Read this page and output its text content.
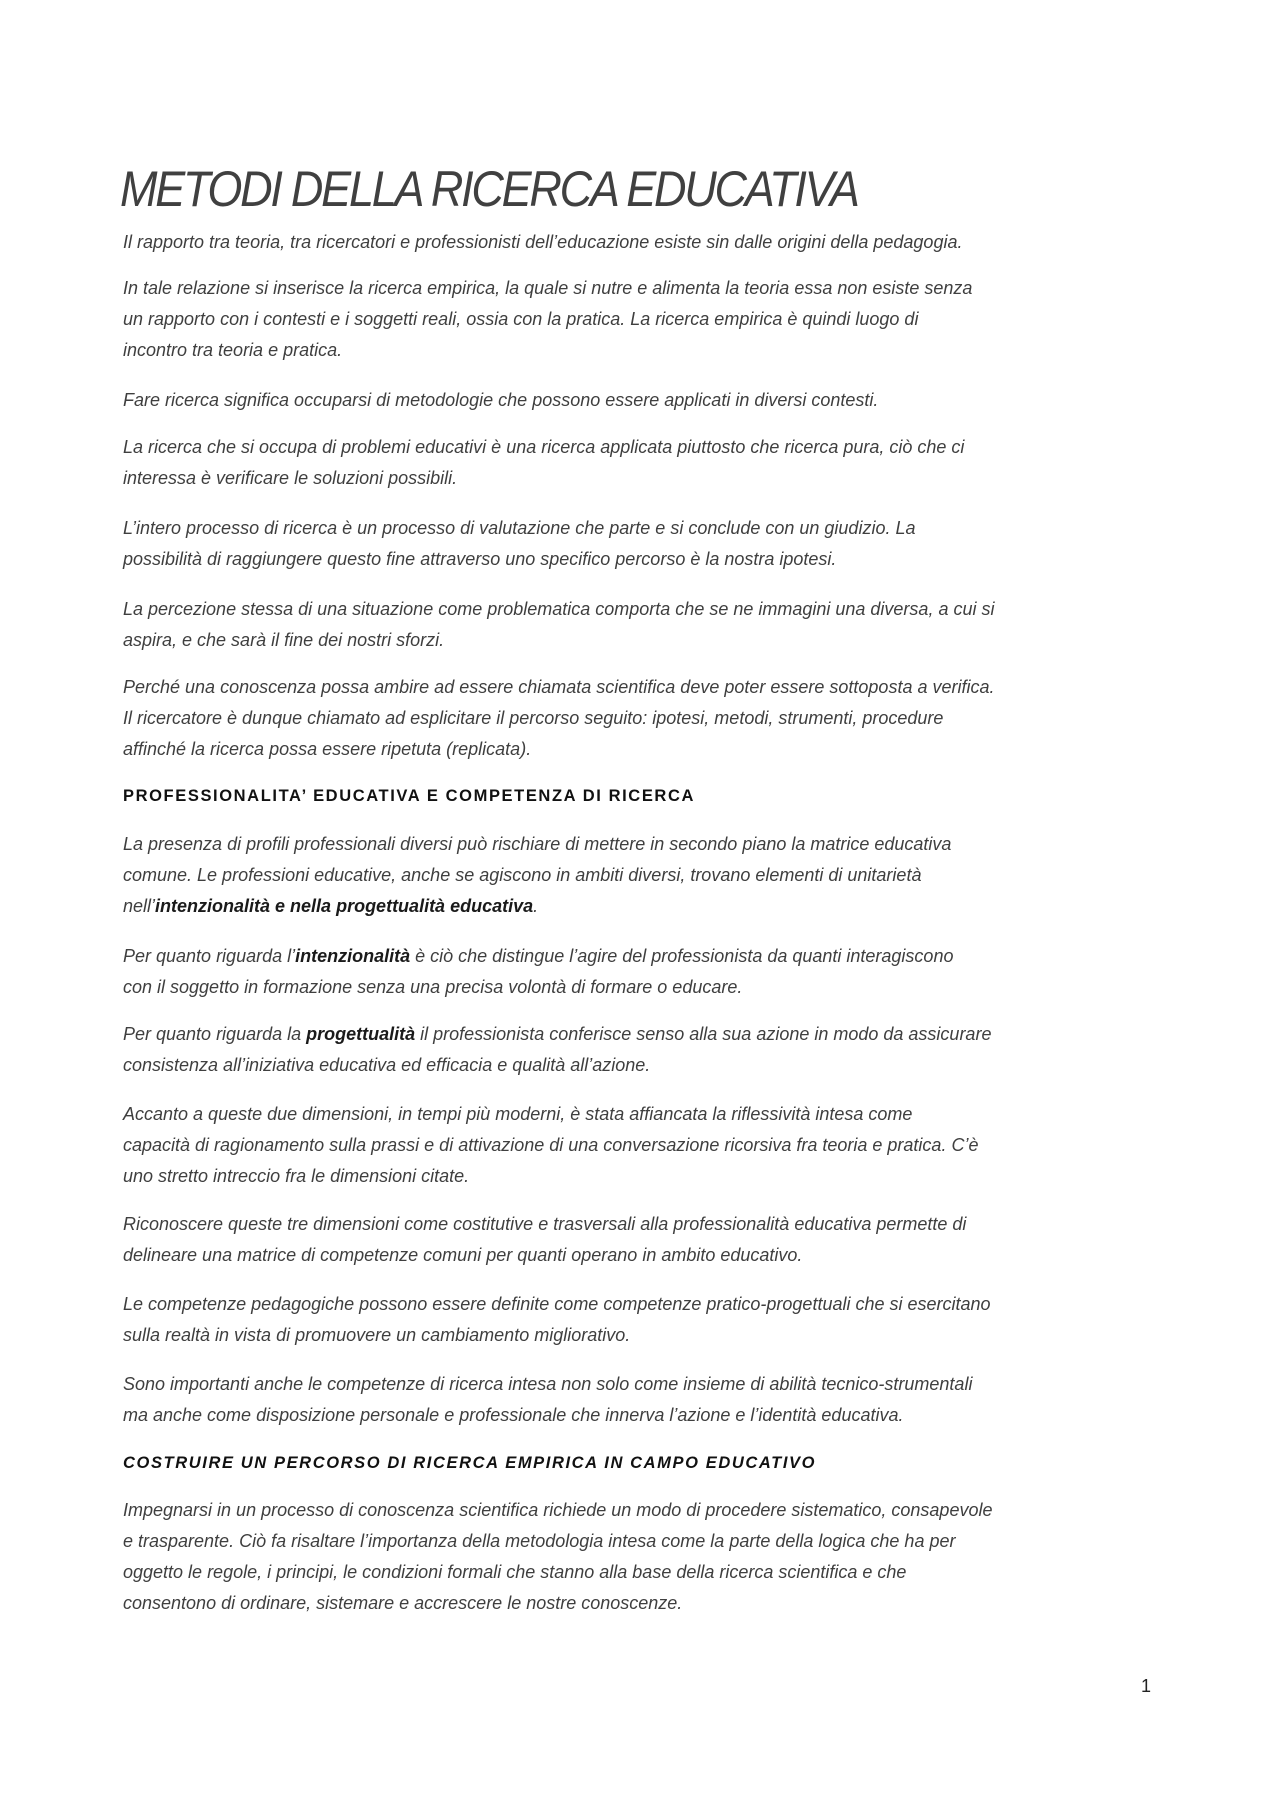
METODI DELLA RICERCA EDUCATIVA

Il rapporto tra teoria, tra ricercatori e professionisti dell’educazione esiste sin dalle origini della pedagogia.

In tale relazione si inserisce la ricerca empirica, la quale si nutre e alimenta la teoria essa non esiste senza
un rapporto con i contesti e i soggetti reali, ossia con la pratica. La ricerca empirica è quindi luogo di
incontro tra teoria e pratica.

Fare ricerca significa occuparsi di metodologie che possono essere applicati in diversi contesti.

La ricerca che si occupa di problemi educativi è una ricerca applicata piuttosto che ricerca pura, ciò che ci
interessa è verificare le soluzioni possibili.

L’intero processo di ricerca è un processo di valutazione che parte e si conclude con un giudizio. La
possibilità di raggiungere questo fine attraverso uno specifico percorso è la nostra ipotesi.

La percezione stessa di una situazione come problematica comporta che se ne immagini una diversa, a cui si
aspira, e che sarà il fine dei nostri sforzi.

Perché una conoscenza possa ambire ad essere chiamata scientifica deve poter essere sottoposta a verifica.
Il ricercatore è dunque chiamato ad esplicitare il percorso seguito: ipotesi, metodi, strumenti, procedure
affinché la ricerca possa essere ripetuta (replicata).

PROFESSIONALITA’ EDUCATIVA E COMPETENZA DI RICERCA

La presenza di profili professionali diversi può rischiare di mettere in secondo piano la matrice educativa
comune. Le professioni educative, anche se agiscono in ambiti diversi, trovano elementi di unitarietà
nell’intenzionalità e nella progettualità educativa.

Per quanto riguarda l’intenzionalità è ciò che distingue l’agire del professionista da quanti interagiscono
con il soggetto in formazione senza una precisa volontà di formare o educare.

Per quanto riguarda la progettualità il professionista conferisce senso alla sua azione in modo da assicurare
consistenza all’iniziativa educativa ed efficacia e qualità all’azione.

Accanto a queste due dimensioni, in tempi più moderni, è stata affiancata la riflessività intesa come
capacità di ragionamento sulla prassi e di attivazione di una conversazione ricorsiva fra teoria e pratica. C’è
uno stretto intreccio fra le dimensioni citate.

Riconoscere queste tre dimensioni come costitutive e trasversali alla professionalità educativa permette di
delineare una matrice di competenze comuni per quanti operano in ambito educativo.

Le competenze pedagogiche possono essere definite come competenze pratico-progettuali che si esercitano
sulla realtà in vista di promuovere un cambiamento migliorativo.

Sono importanti anche le competenze di ricerca intesa non solo come insieme di abilità tecnico-strumentali
ma anche come disposizione personale e professionale che innerva l’azione e l’identità educativa.

COSTRUIRE UN PERCORSO DI RICERCA EMPIRICA IN CAMPO EDUCATIVO

Impegnarsi in un processo di conoscenza scientifica richiede un modo di procedere sistematico, consapevole
e trasparente. Ciò fa risaltare l’importanza della metodologia intesa come la parte della logica che ha per
oggetto le regole, i principi, le condizioni formali che stanno alla base della ricerca scientifica e che
consentono di ordinare, sistemare e accrescere le nostre conoscenze.

1
